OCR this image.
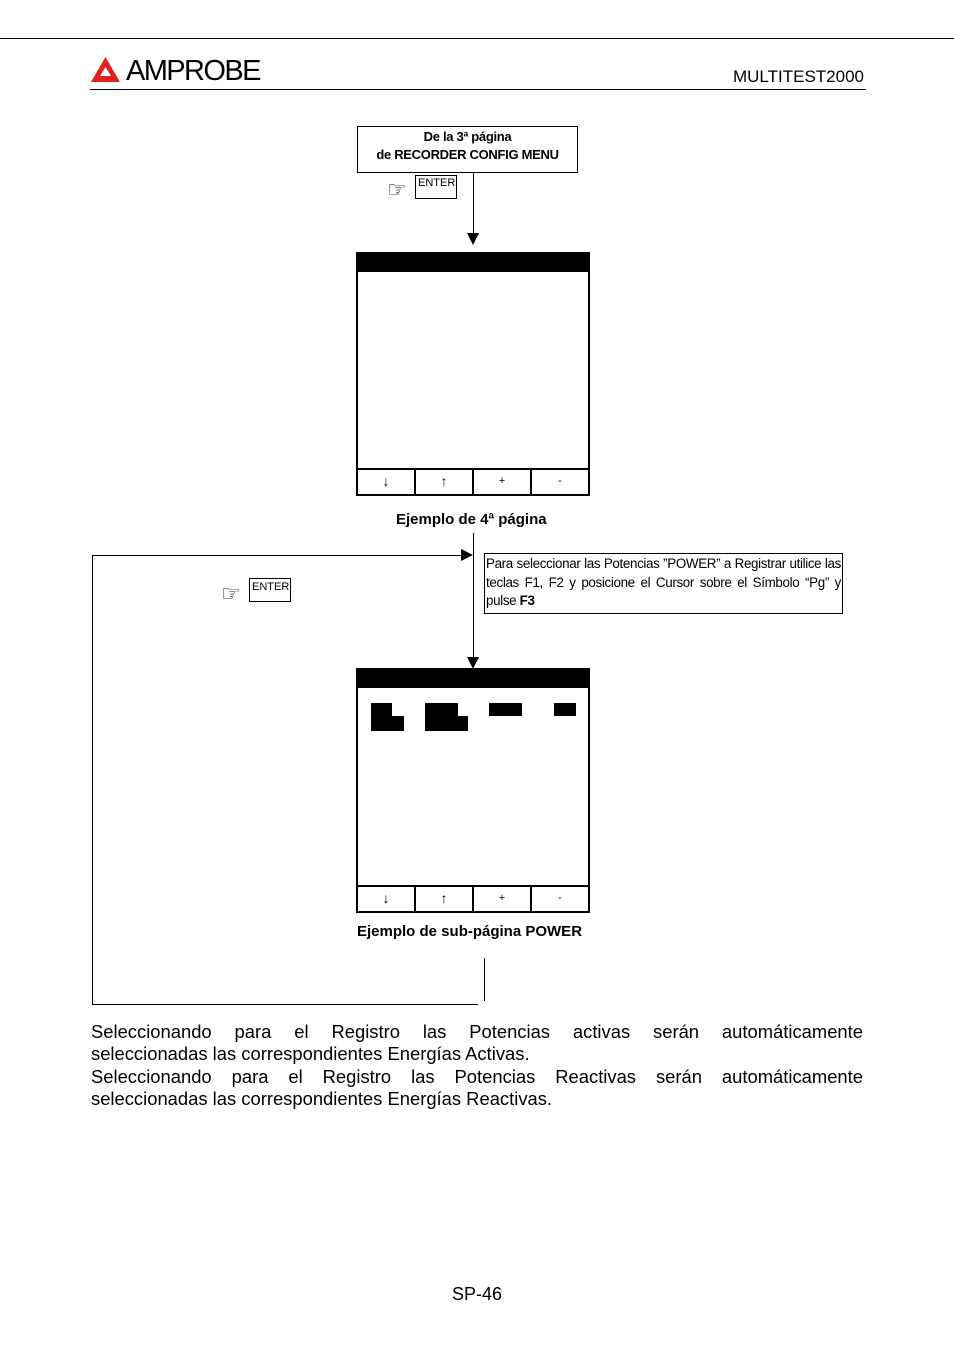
AMPROBE	MULTITEST2000
De la 3ª página
de RECORDER CONFIG MENU
☞ ENTER
↓	↑	+	-
Ejemplo de 4ª página
☞ ENTER
Para seleccionar las Potencias ”POWER” a Registrar utilice las teclas F1, F2 y posicione el Cursor sobre el Símbolo “Pg” y pulse F3
↓	↑	+	-
Ejemplo de sub-página POWER
Seleccionando para el Registro las Potencias activas serán automáticamente
seleccionadas las correspondientes Energías Activas.
Seleccionando para el Registro las Potencias Reactivas serán automáticamente
seleccionadas las correspondientes Energías Reactivas.
SP-46
